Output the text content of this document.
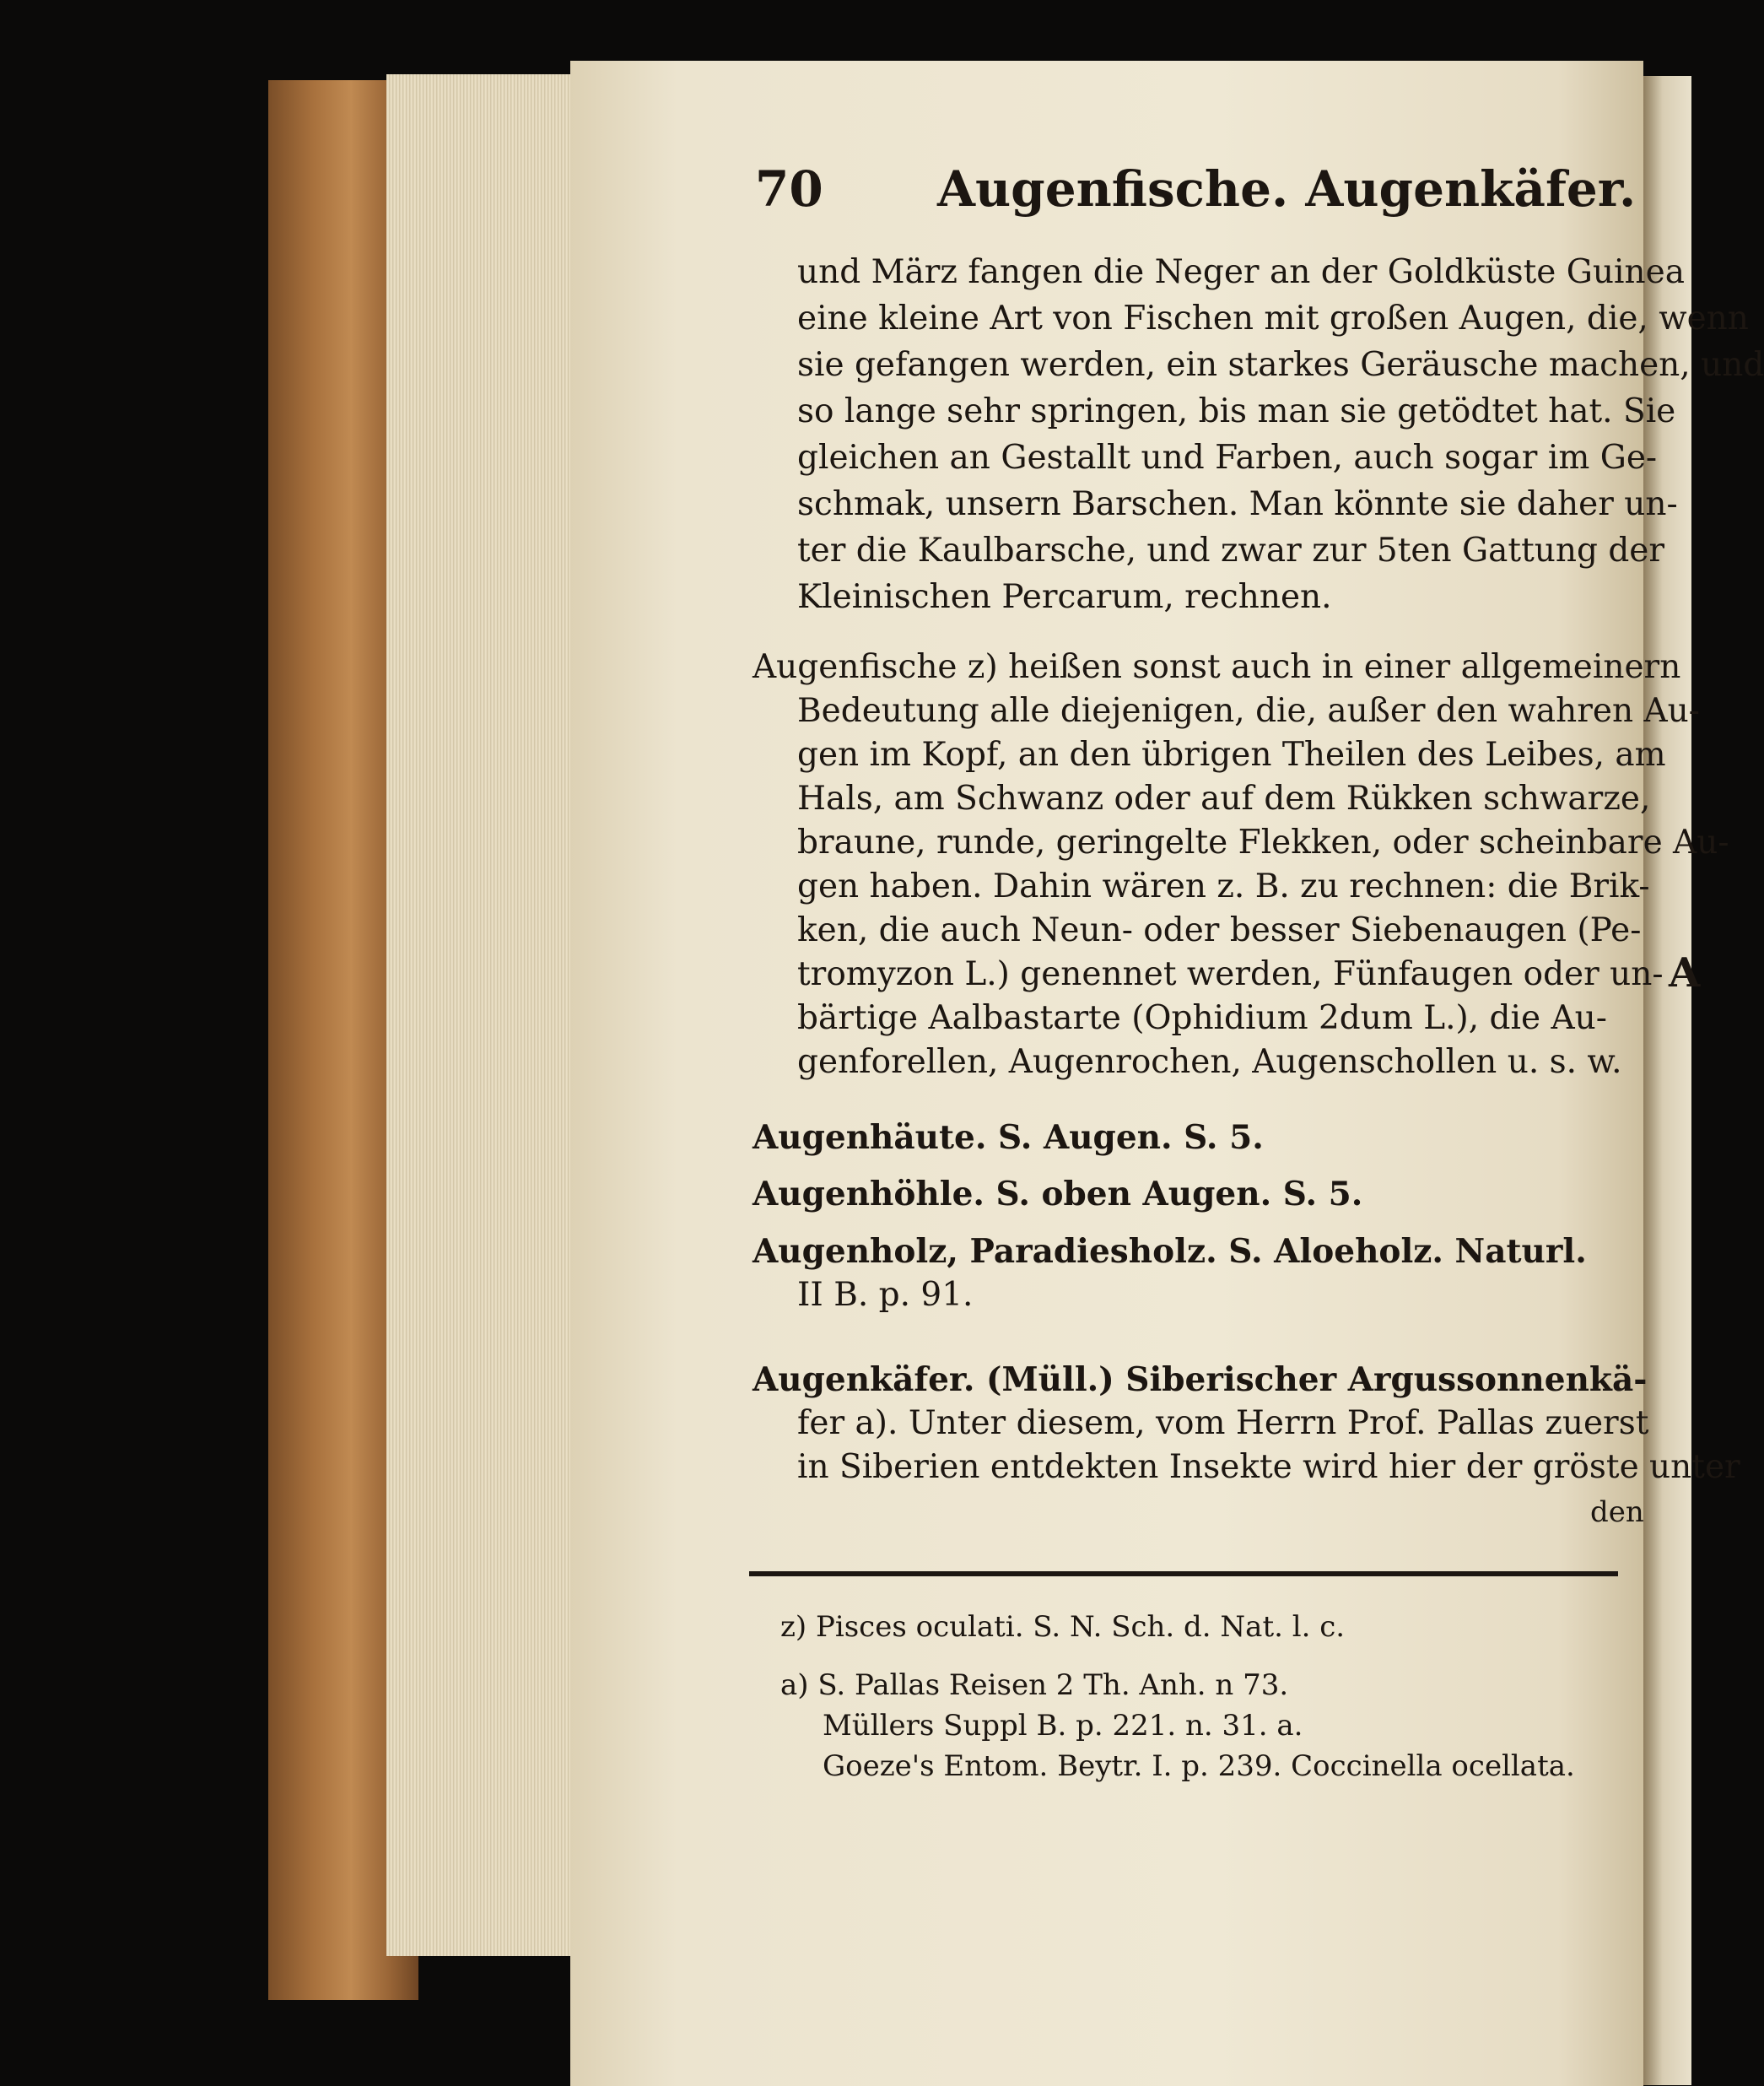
70 Augenfische. Augenkäfer.
und März fangen die Neger an der Goldküste Guinea
eine kleine Art von Fischen mit großen Augen, die, wenn
sie gefangen werden, ein starkes Geräusche machen, und
so lange sehr springen, bis man sie getödtet hat. Sie
gleichen an Gestallt und Farben, auch sogar im Ge-
schmak, unsern Barschen. Man könnte sie daher un-
ter die Kaulbarsche, und zwar zur 5ten Gattung der
Kleinischen Percarum, rechnen.
Augenfische z) heißen sonst auch in einer allgemeinern
Bedeutung alle diejenigen, die, außer den wahren Au-
gen im Kopf, an den übrigen Theilen des Leibes, am
Hals, am Schwanz oder auf dem Rükken schwarze,
braune, runde, geringelte Flekken, oder scheinbare Au-
gen haben. Dahin wären z. B. zu rechnen: die Brik-
ken, die auch Neun- oder besser Siebenaugen (Pe-
tromyzon L.) genennet werden, Fünfaugen oder un-
bärtige Aalbastarte (Ophidium 2dum L.), die Au-
genforellen, Augenrochen, Augenschollen u. s. w.
Augenhäute. S. Augen. S. 5.
Augenhöhle. S. oben Augen. S. 5.
Augenholz, Paradiesholz. S. Aloeholz. Naturl.
II B. p. 91.
Augenkäfer. (Müll.) Siberischer Argussonnenkä-
fer a). Unter diesem, vom Herrn Prof. Pallas zuerst
in Siberien entdekten Insekte wird hier der gröste unter
den
z) Pisces oculati. S. N. Sch. d. Nat. l. c.
a) S. Pallas Reisen 2 Th. Anh. n 73.
Müllers Suppl B. p. 221. n. 31. a.
Goeze's Entom. Beytr. I. p. 239. Coccinella ocellata.
A
